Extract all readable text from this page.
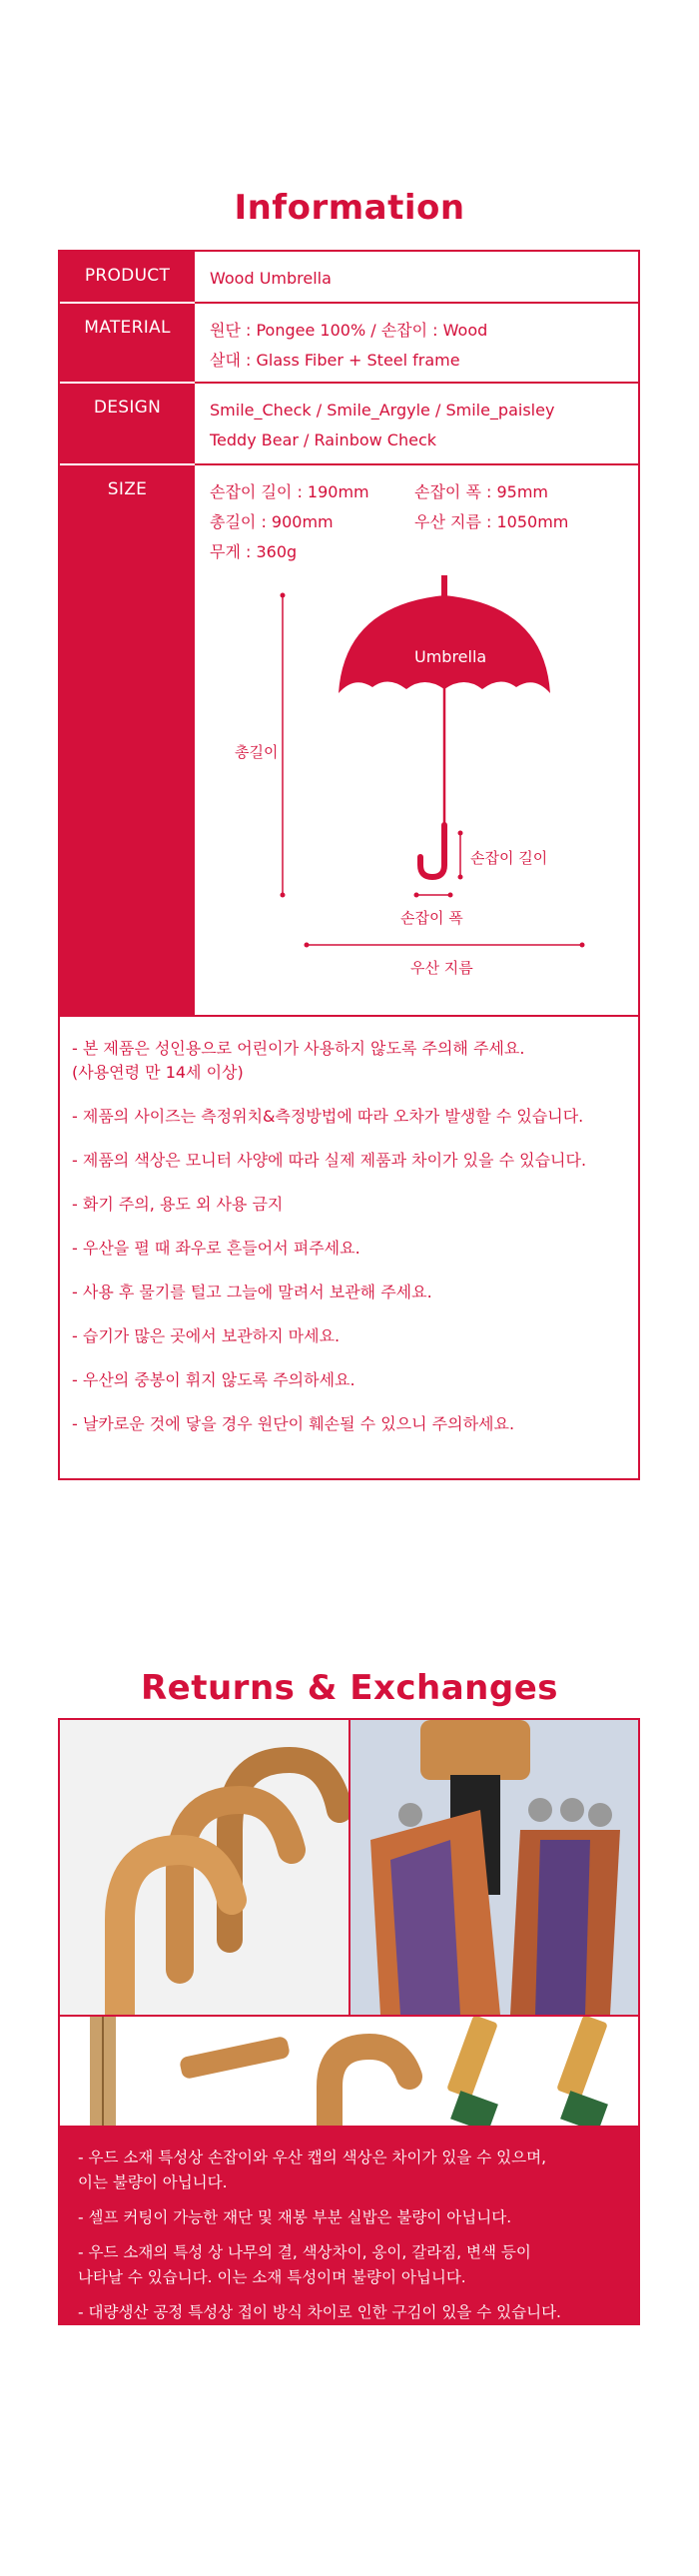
Information
PRODUCT	Wood Umbrella
MATERIAL	원단 : Pongee 100% / 손잡이 : Wood
살대 : Glass Fiber + Steel frame
DESIGN	Smile_Check / Smile_Argyle / Smile_paisley
Teddy Bear / Rainbow Check
SIZE	손잡이 길이 : 190mm	손잡이 폭 : 95mm
총길이 : 900mm	우산 지름 : 1050mm
무게 : 360g
Umbrella
총길이
손잡이 길이
손잡이 폭
우산 지름
- 본 제품은 성인용으로 어린이가 사용하지 않도록 주의해 주세요.
(사용연령 만 14세 이상)
- 제품의 사이즈는 측정위치&측정방법에 따라 오차가 발생할 수 있습니다.
- 제품의 색상은 모니터 사양에 따라 실제 제품과 차이가 있을 수 있습니다.
- 화기 주의, 용도 외 사용 금지
- 우산을 펼 때 좌우로 흔들어서 펴주세요.
- 사용 후 물기를 털고 그늘에 말려서 보관해 주세요.
- 습기가 많은 곳에서 보관하지 마세요.
- 우산의 중봉이 휘지 않도록 주의하세요.
- 날카로운 것에 닿을 경우 원단이 훼손될 수 있으니 주의하세요.
Returns & Exchanges
- 우드 소재 특성상 손잡이와 우산 캡의 색상은 차이가 있을 수 있으며,
이는 불량이 아닙니다.
- 셀프 커팅이 가능한 재단 및 재봉 부분 실밥은 불량이 아닙니다.
- 우드 소재의 특성 상 나무의 결, 색상차이, 옹이, 갈라짐, 변색 등이
나타날 수 있습니다. 이는 소재 특성이며 불량이 아닙니다.
- 대량생산 공정 특성상 접이 방식 차이로 인한 구김이 있을 수 있습니다.
